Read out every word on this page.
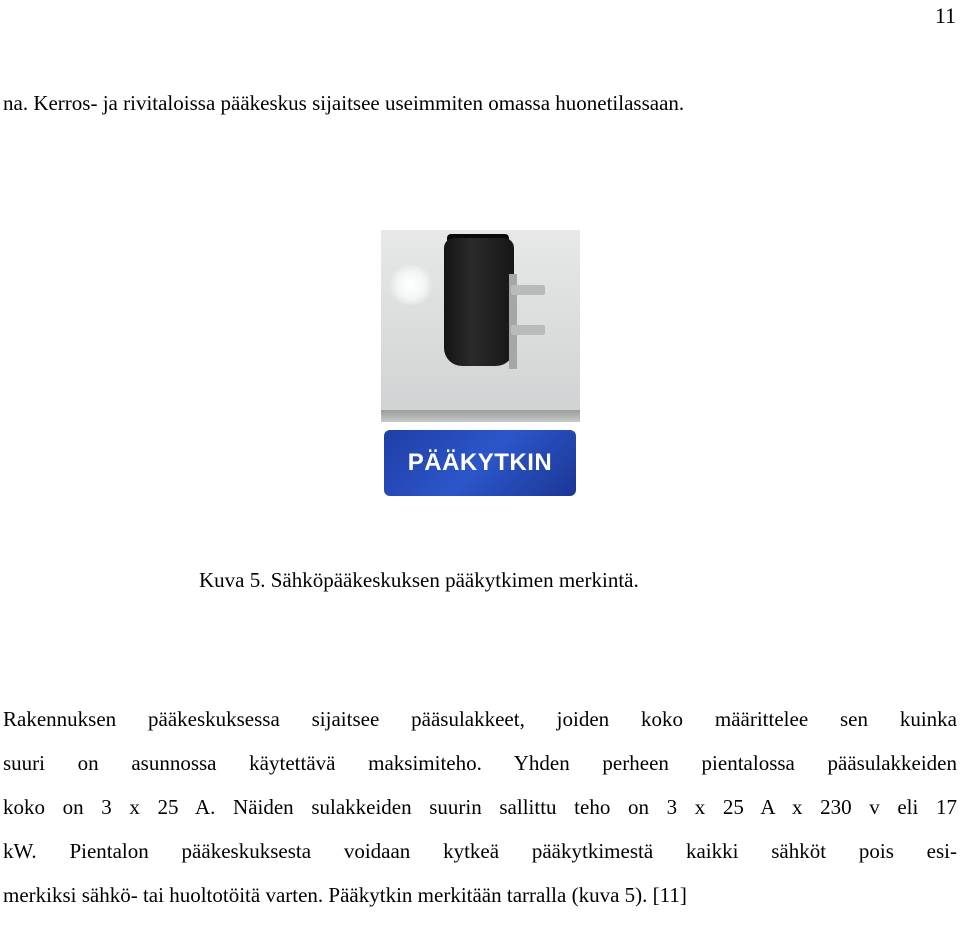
11
na. Kerros- ja rivitaloissa pääkeskus sijaitsee useimmiten omassa huonetilassaan.
PÄÄKYTKIN
Kuva 5. Sähköpääkeskuksen pääkytkimen merkintä.
Rakennuksen pääkeskuksessa sijaitsee pääsulakkeet, joiden koko määrittelee sen kuinka
suuri on asunnossa käytettävä maksimiteho. Yhden perheen pientalossa pääsulakkeiden
koko on 3 x 25 A. Näiden sulakkeiden suurin sallittu teho on 3 x 25 A x 230 v eli 17
kW. Pientalon pääkeskuksesta voidaan kytkeä pääkytkimestä kaikki sähköt pois esi-
merkiksi sähkö- tai huoltotöitä varten. Pääkytkin merkitään tarralla (kuva 5). [11]
